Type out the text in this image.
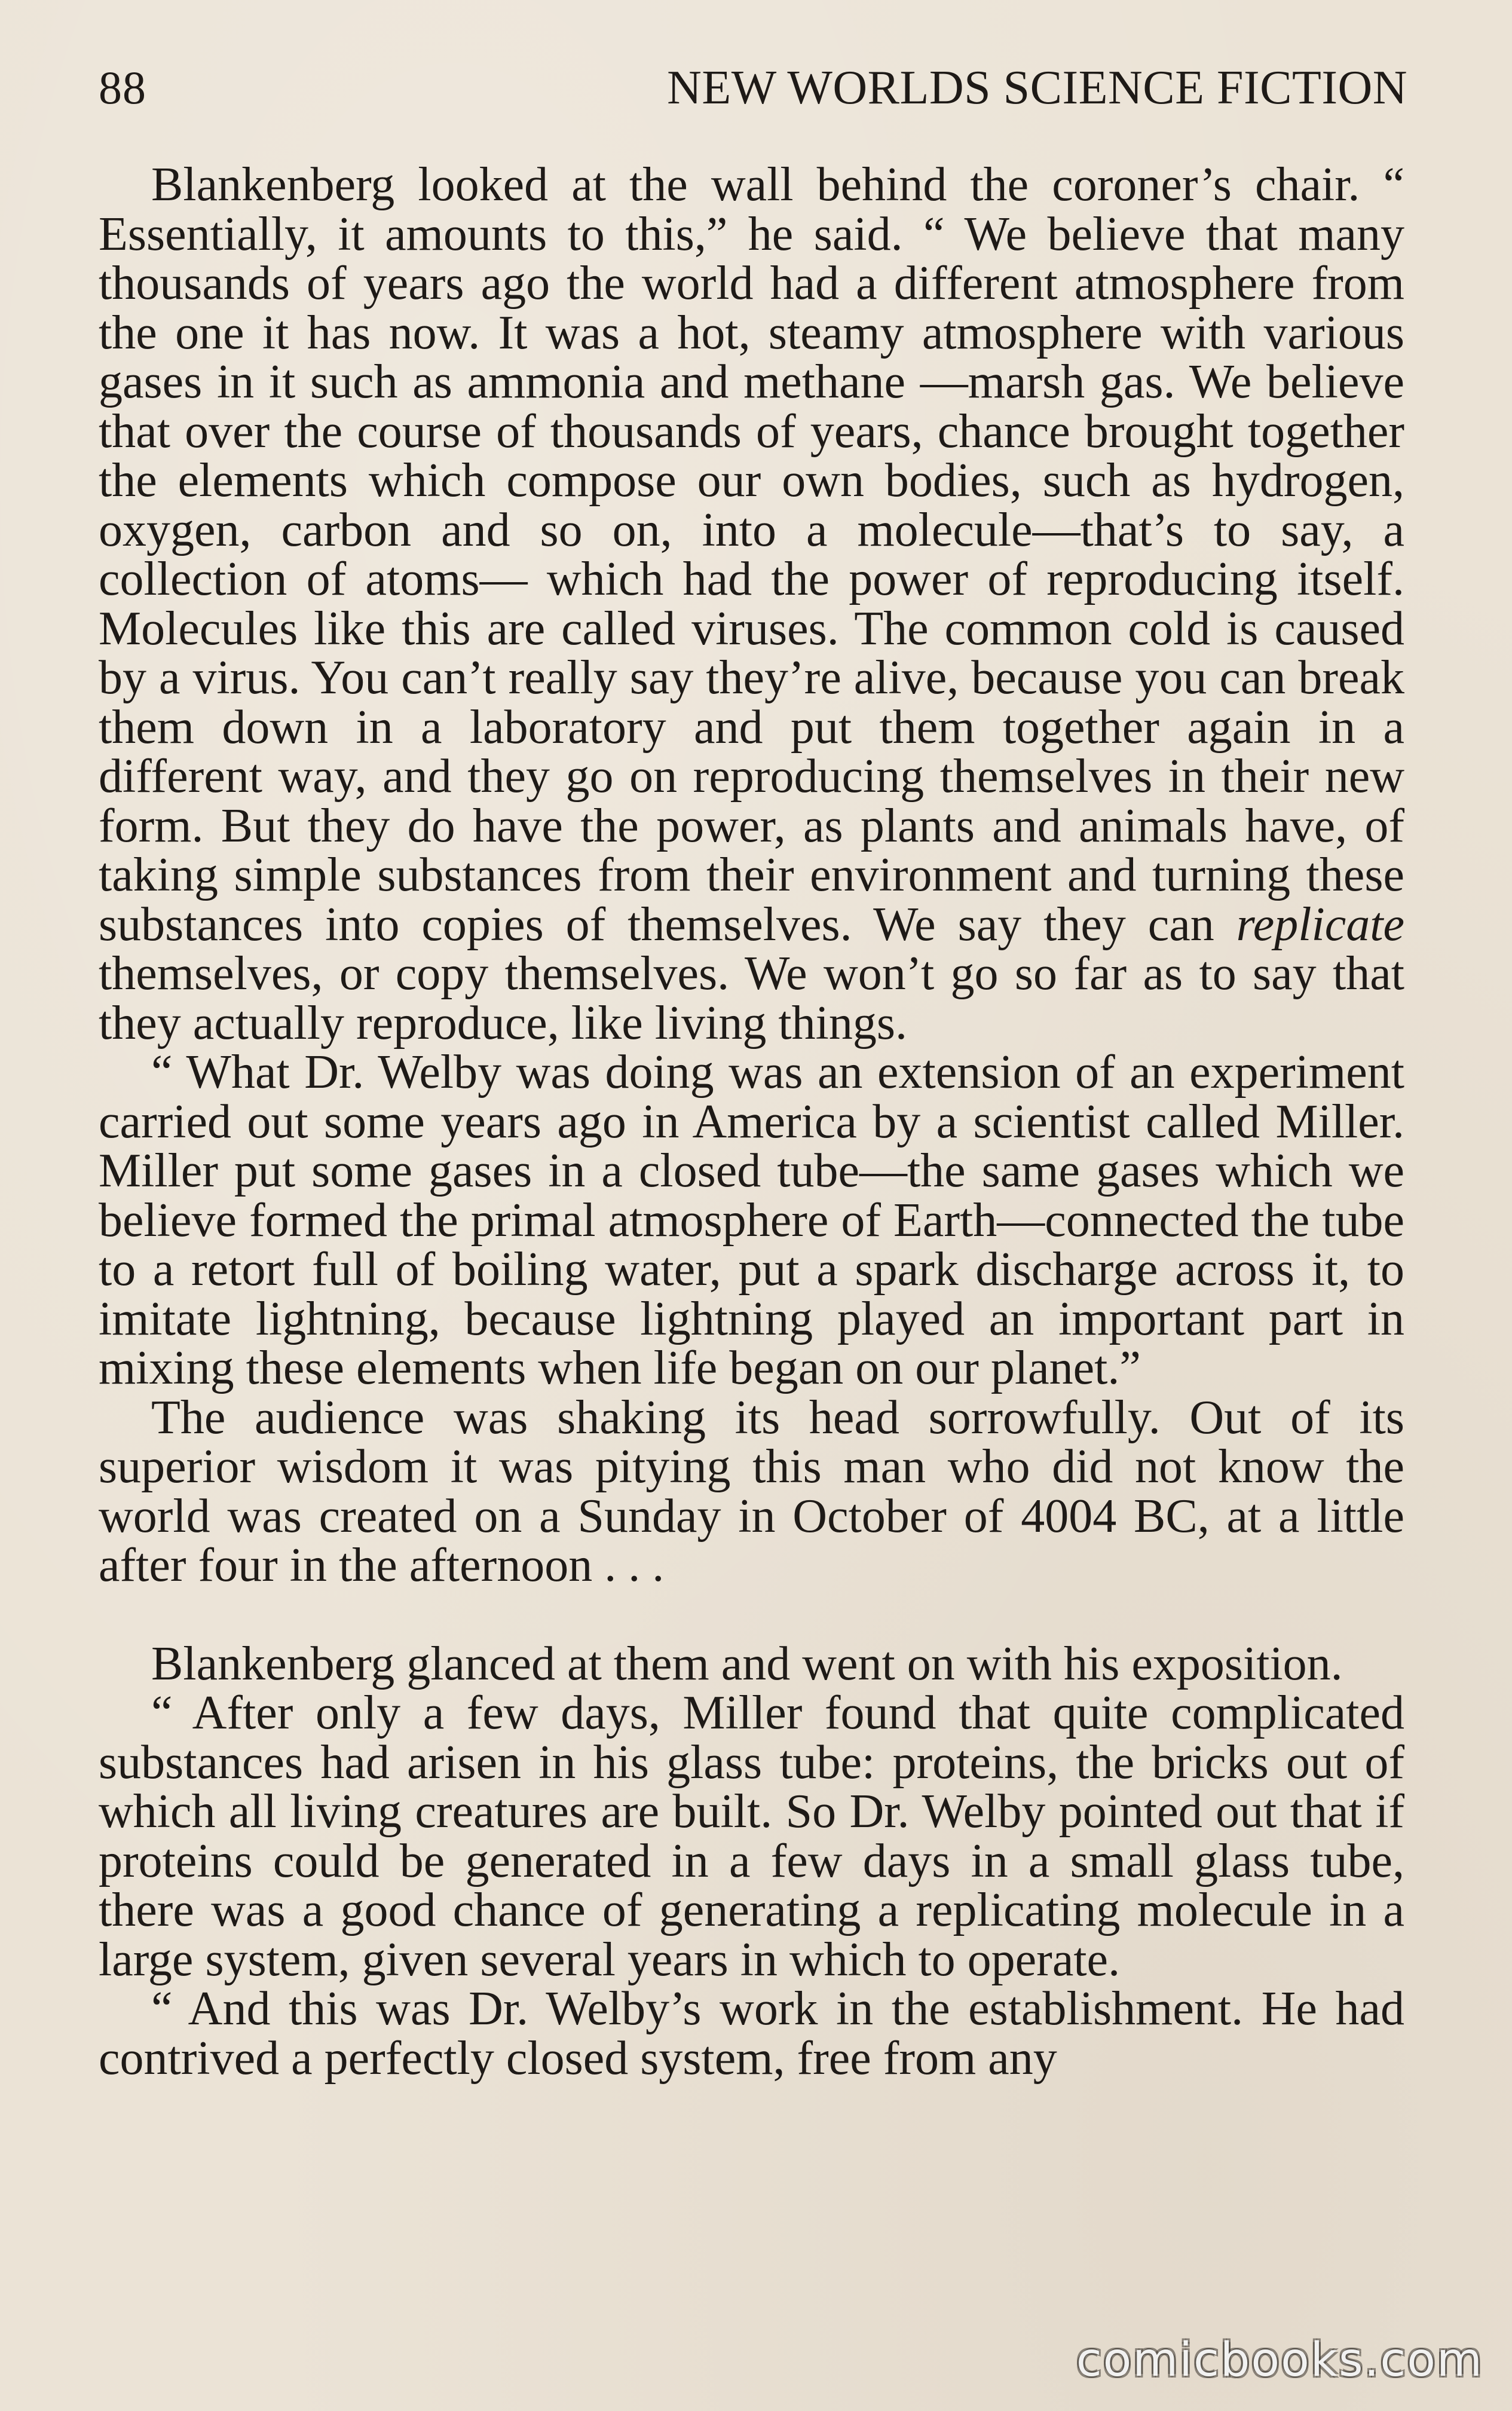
88	NEW WORLDS SCIENCE FICTION

Blankenberg looked at the wall behind the coroner’s chair. “ Essentially, it amounts to this,” he said. “ We believe that many thousands of years ago the world had a different atmosphere from the one it has now. It was a hot, steamy atmosphere with various gases in it such as ammonia and methane —marsh gas. We believe that over the course of thousands of years, chance brought together the elements which compose our own bodies, such as hydrogen, oxygen, carbon and so on, into a molecule—that’s to say, a collection of atoms— which had the power of reproducing itself. Molecules like this are called viruses. The common cold is caused by a virus. You can’t really say they’re alive, because you can break them down in a laboratory and put them together again in a different way, and they go on reproducing themselves in their new form. But they do have the power, as plants and animals have, of taking simple substances from their environment and turning these substances into copies of themselves. We say they can replicate themselves, or copy themselves. We won’t go so far as to say that they actually reproduce, like living things.

“ What Dr. Welby was doing was an extension of an experiment carried out some years ago in America by a scientist called Miller. Miller put some gases in a closed tube—the same gases which we believe formed the primal atmosphere of Earth—connected the tube to a retort full of boiling water, put a spark discharge across it, to imitate lightning, because lightning played an important part in mixing these elements when life began on our planet.”

The audience was shaking its head sorrowfully. Out of its superior wisdom it was pitying this man who did not know the world was created on a Sunday in October of 4004 BC, at a little after four in the afternoon . . .

Blankenberg glanced at them and went on with his exposition.

“ After only a few days, Miller found that quite complicated substances had arisen in his glass tube: proteins, the bricks out of which all living creatures are built. So Dr. Welby pointed out that if proteins could be generated in a few days in a small glass tube, there was a good chance of generating a replicating molecule in a large system, given several years in which to operate.

“ And this was Dr. Welby’s work in the establishment. He had contrived a perfectly closed system, free from any

comicbooks.com
